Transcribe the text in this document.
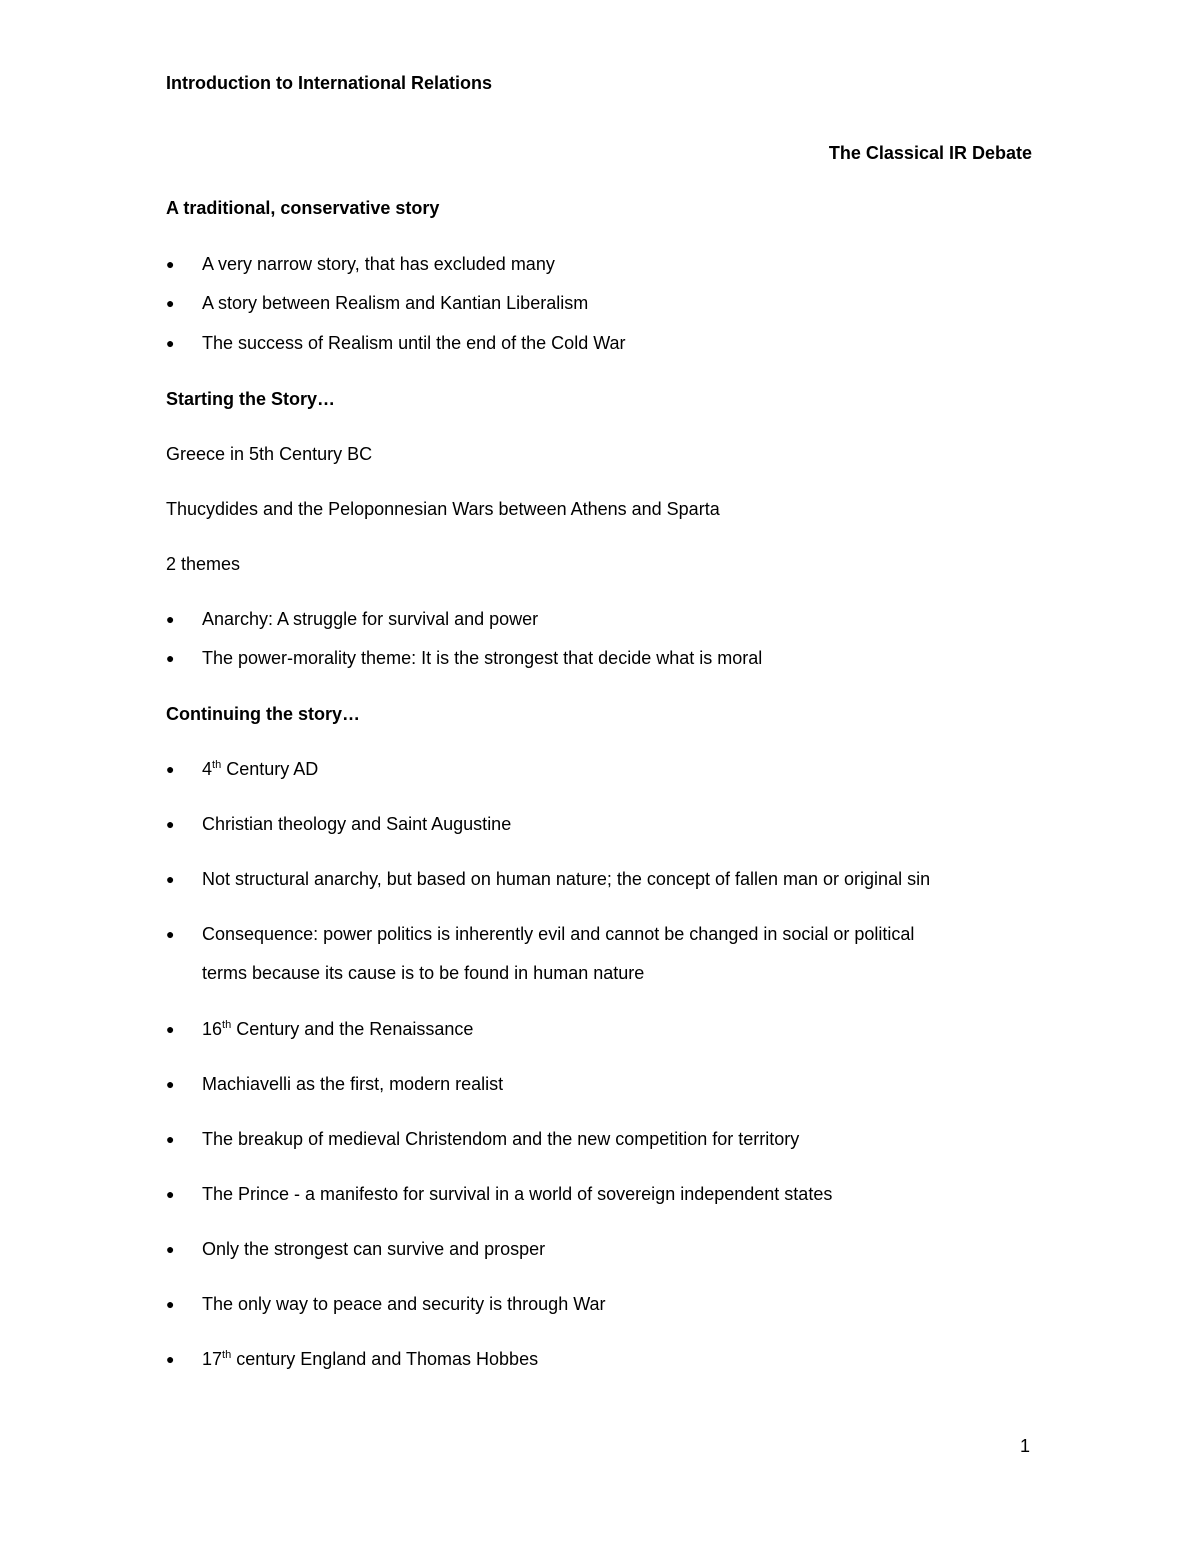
Introduction to International Relations
The Classical IR Debate
A traditional, conservative story
● A very narrow story, that has excluded many
● A story between Realism and Kantian Liberalism
● The success of Realism until the end of the Cold War
Starting the Story…
Greece in 5th Century BC
Thucydides and the Peloponnesian Wars between Athens and Sparta
2 themes
● Anarchy: A struggle for survival and power
● The power-morality theme: It is the strongest that decide what is moral
Continuing the story…
● 4th Century AD
● Christian theology and Saint Augustine
● Not structural anarchy, but based on human nature; the concept of fallen man or original sin
● Consequence: power politics is inherently evil and cannot be changed in social or political
terms because its cause is to be found in human nature
● 16th Century and the Renaissance
● Machiavelli as the first, modern realist
● The breakup of medieval Christendom and the new competition for territory
● The Prince - a manifesto for survival in a world of sovereign independent states
● Only the strongest can survive and prosper
● The only way to peace and security is through War
● 17th century England and Thomas Hobbes
1
